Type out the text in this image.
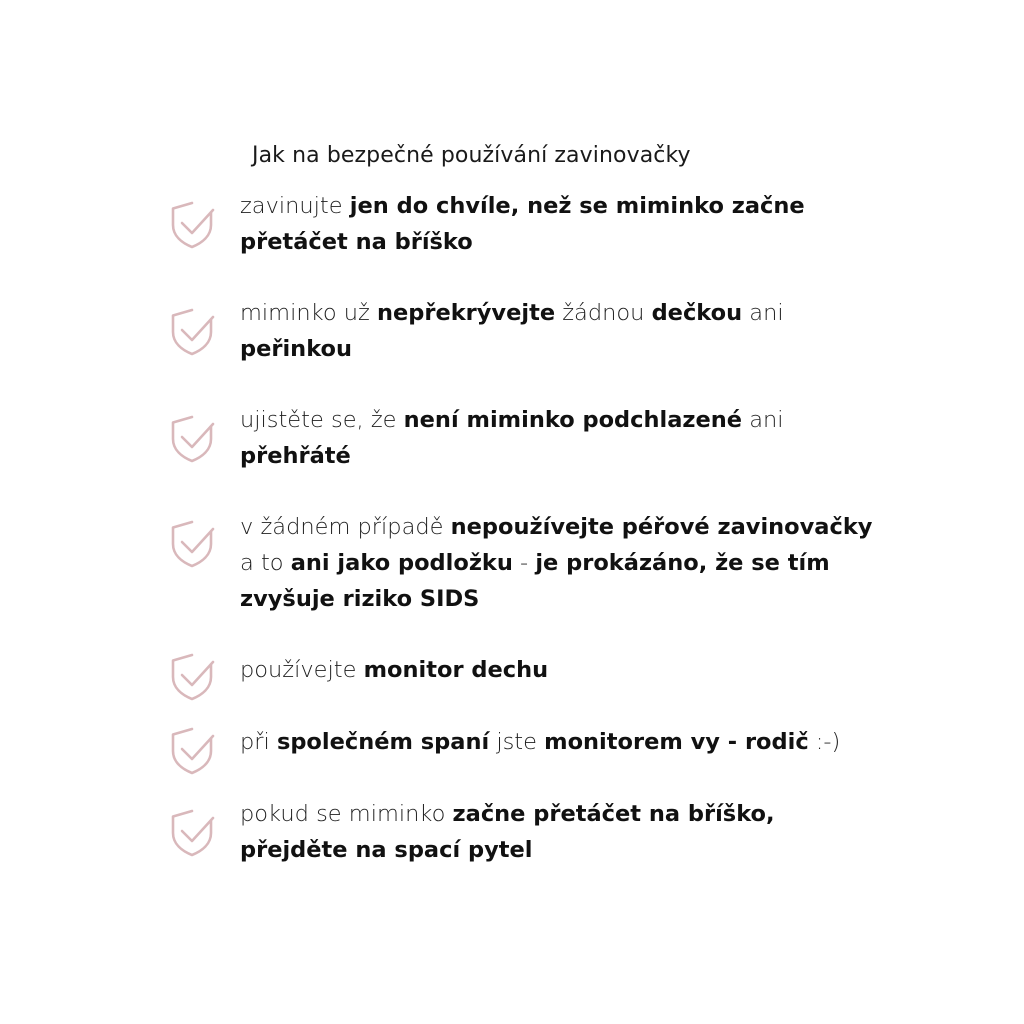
Jak na bezpečné používání zavinovačky
zavinujte jen do chvíle, než se miminko začne přetáčet na bříško
miminko už nepřekrývejte žádnou dečkou ani peřinkou
ujistěte se, že není miminko podchlazené ani přehřáté
v žádném případě nepoužívejte péřové zavinovačky a to ani jako podložku - je prokázáno, že se tím zvyšuje riziko SIDS
používejte monitor dechu
při společném spaní jste monitorem vy - rodič :-)
pokud se miminko začne přetáčet na bříško, přejděte na spací pytel
